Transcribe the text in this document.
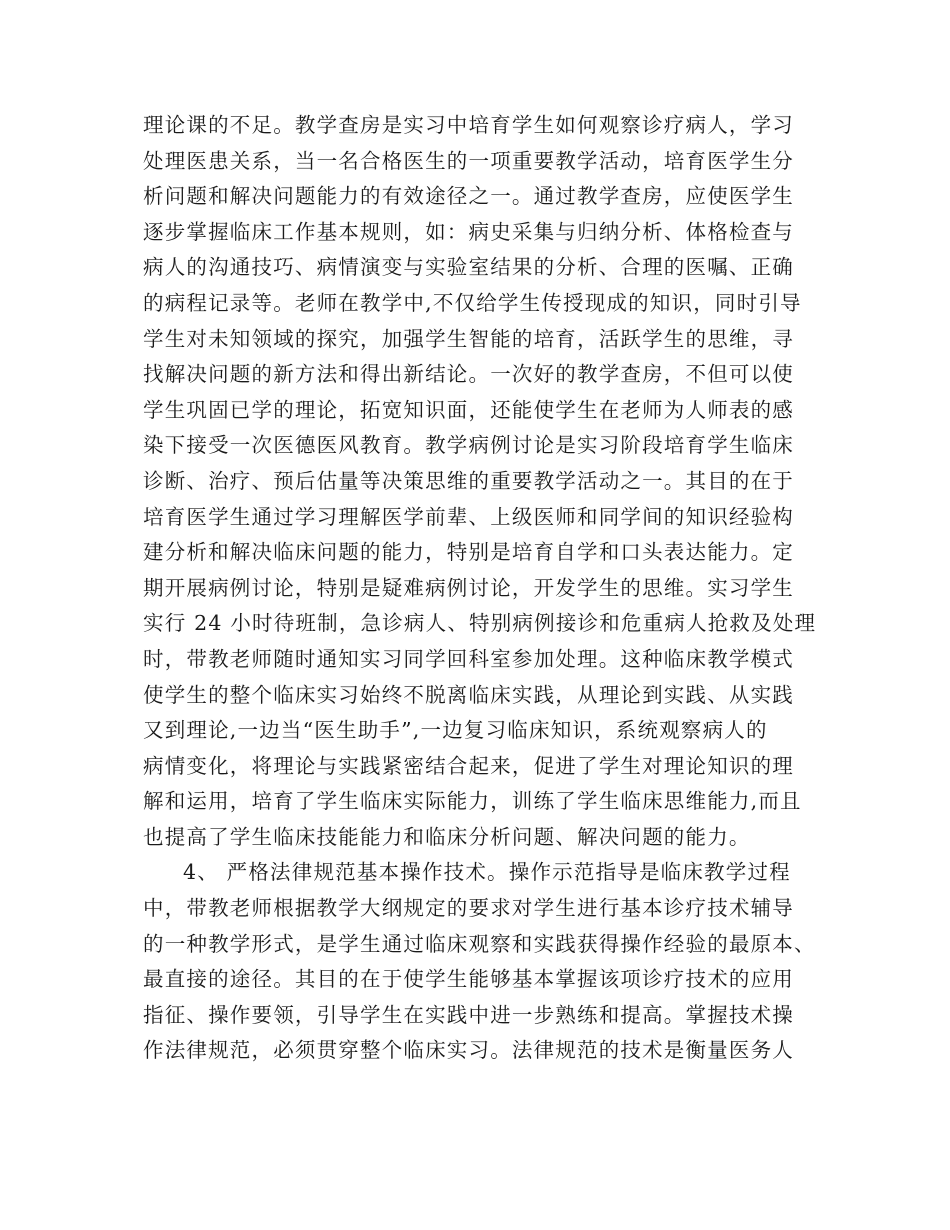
理论课的不足。教学查房是实习中培育学生如何观察诊疗病人，学习
处理医患关系，当一名合格医生的一项重要教学活动，培育医学生分
析问题和解决问题能力的有效途径之一。通过教学查房，应使医学生
逐步掌握临床工作基本规则，如：病史采集与归纳分析、体格检查与
病人的沟通技巧、病情演变与实验室结果的分析、合理的医嘱、正确
的病程记录等。老师在教学中,不仅给学生传授现成的知识，同时引导
学生对未知领域的探究，加强学生智能的培育，活跃学生的思维，寻
找解决问题的新方法和得出新结论。一次好的教学查房，不但可以使
学生巩固已学的理论，拓宽知识面，还能使学生在老师为人师表的感
染下接受一次医德医风教育。教学病例讨论是实习阶段培育学生临床
诊断、治疗、预后估量等决策思维的重要教学活动之一。其目的在于
培育医学生通过学习理解医学前辈、上级医师和同学间的知识经验构
建分析和解决临床问题的能力，特别是培育自学和口头表达能力。定
期开展病例讨论，特别是疑难病例讨论，开发学生的思维。实习学生
实行 24 小时待班制，急诊病人、特别病例接诊和危重病人抢救及处理
时，带教老师随时通知实习同学回科室参加处理。这种临床教学模式
使学生的整个临床实习始终不脱离临床实践，从理论到实践、从实践
又到理论,一边当“医生助手”,一边复习临床知识，系统观察病人的
病情变化，将理论与实践紧密结合起来，促进了学生对理论知识的理
解和运用，培育了学生临床实际能力，训练了学生临床思维能力,而且
也提高了学生临床技能能力和临床分析问题、解决问题的能力。
4、 严格法律规范基本操作技术。操作示范指导是临床教学过程
中，带教老师根据教学大纲规定的要求对学生进行基本诊疗技术辅导
的一种教学形式，是学生通过临床观察和实践获得操作经验的最原本、
最直接的途径。其目的在于使学生能够基本掌握该项诊疗技术的应用
指征、操作要领，引导学生在实践中进一步熟练和提高。掌握技术操
作法律规范，必须贯穿整个临床实习。法律规范的技术是衡量医务人
